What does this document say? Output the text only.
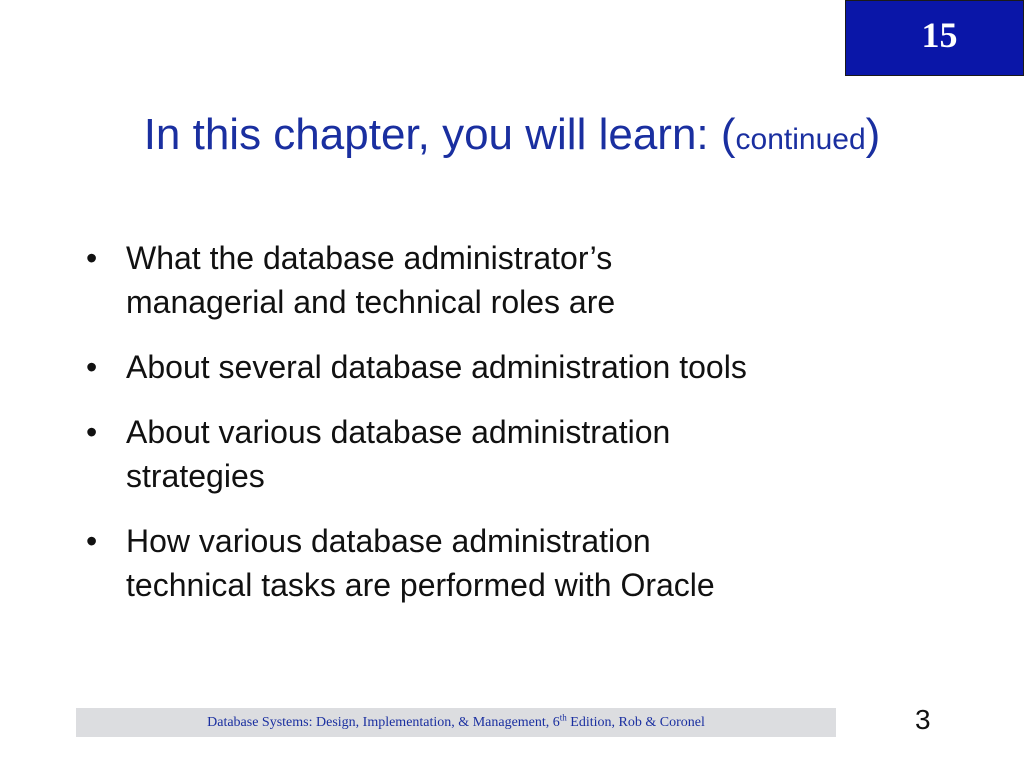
15
In this chapter, you will learn: (continued)
• What the database administrator’s
managerial and technical roles are
• About several database administration tools
• About various database administration
strategies
• How various database administration
technical tasks are performed with Oracle
Database Systems: Design, Implementation, & Management, 6th Edition, Rob & Coronel	3
